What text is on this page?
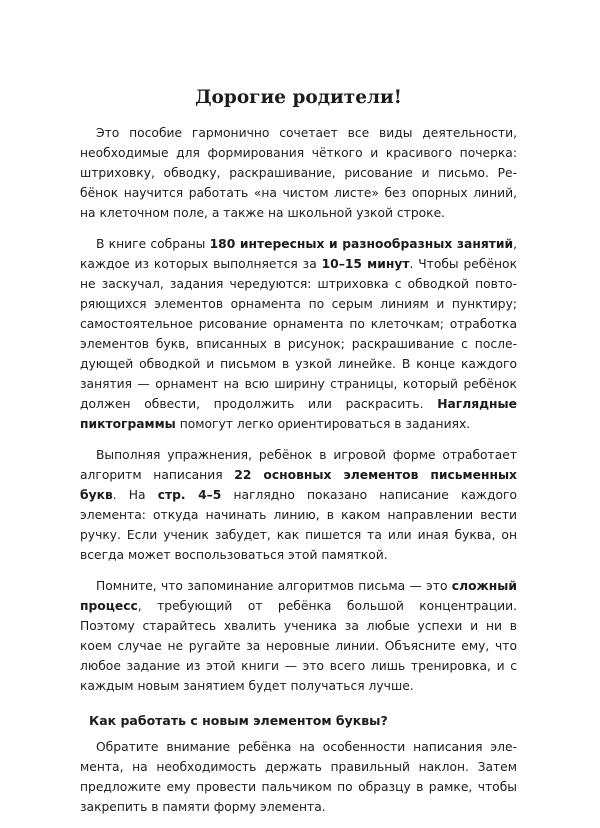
Дорогие родители!

Это пособие гармонично сочетает все виды деятельности, необходимые для формирования чёткого и красивого почерка: штриховку, обводку, раскрашивание, рисование и письмо. Ребёнок научится работать «на чистом листе» без опорных линий, на клеточном поле, а также на школьной узкой строке.

В книге собраны 180 интересных и разнообразных занятий, каждое из которых выполняется за 10–15 минут. Чтобы ребёнок не заскучал, задания чередуются: штриховка с обводкой повторяющихся элементов орнамента по серым линиям и пунктиру; самостоятельное рисование орнамента по клеточкам; отработка элементов букв, вписанных в рисунок; раскрашивание с последующей обводкой и письмом в узкой линейке. В конце каждого занятия — орнамент на всю ширину страницы, который ребёнок должен обвести, продолжить или раскрасить. Наглядные пиктограммы помогут легко ориентироваться в заданиях.

Выполняя упражнения, ребёнок в игровой форме отработает алгоритм написания 22 основных элементов письменных букв. На стр. 4–5 наглядно показано написание каждого элемента: откуда начинать линию, в каком направлении вести ручку. Если ученик забудет, как пишется та или иная буква, он всегда может воспользоваться этой памяткой.

Помните, что запоминание алгоритмов письма — это сложный процесс, требующий от ребёнка большой концентрации. Поэтому старайтесь хвалить ученика за любые успехи и ни в коем случае не ругайте за неровные линии. Объясните ему, что любое задание из этой книги — это всего лишь тренировка, и с каждым новым занятием будет получаться лучше.

Как работать с новым элементом буквы?

Обратите внимание ребёнка на особенности написания элемента, на необходимость держать правильный наклон. Затем предложите ему провести пальчиком по образцу в рамке, чтобы закрепить в памяти форму элемента.
